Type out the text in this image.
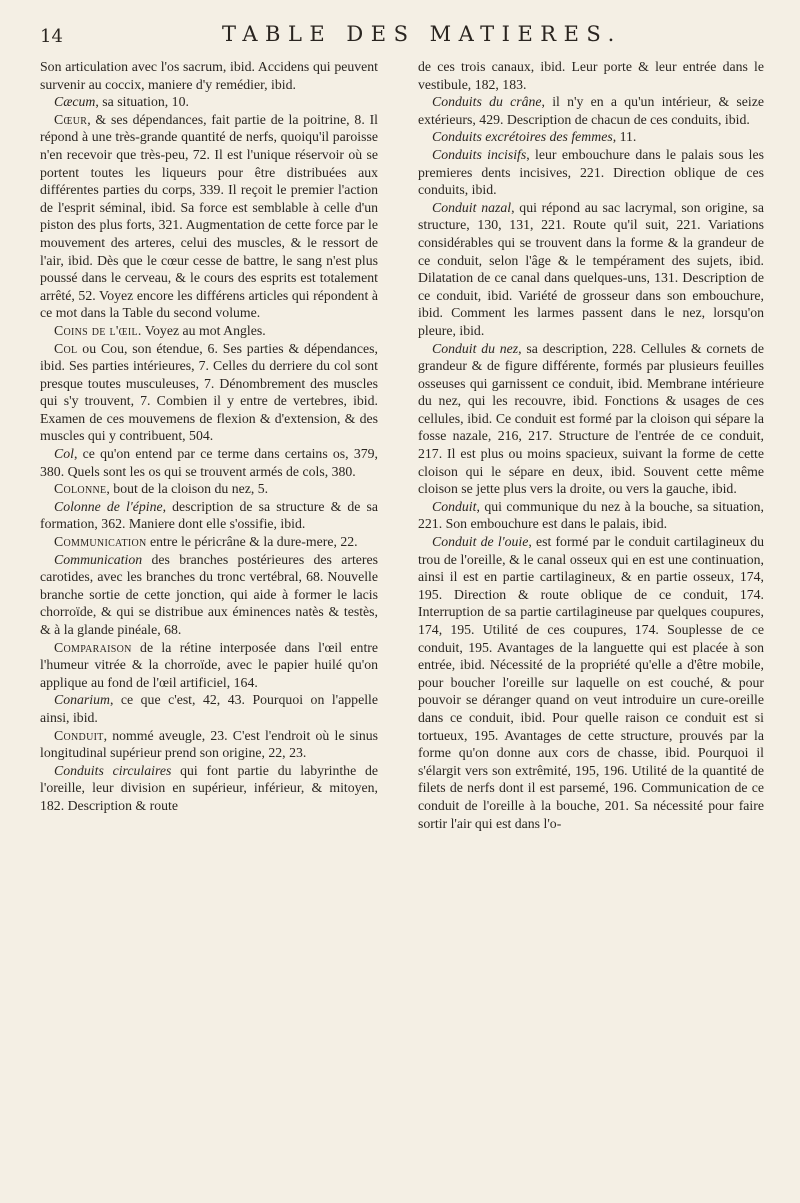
14	TABLE DES MATIERES.

Son articulation avec l'os sacrum, ibid. Accidens qui peuvent survenir au coccix, maniere d'y remédier, ibid.

Cæcum, sa situation, 10.

Cœur, & ses dépendances, fait partie de la poitrine, 8. Il répond à une très-grande quantité de nerfs, quoiqu'il paroisse n'en recevoir que très-peu, 72. Il est l'unique réservoir où se portent toutes les liqueurs pour être distribuées aux différentes parties du corps, 339. Il reçoit le premier l'action de l'esprit séminal, ibid. Sa force est semblable à celle d'un piston des plus forts, 321. Augmentation de cette force par le mouvement des arteres, celui des muscles, & le ressort de l'air, ibid. Dès que le cœur cesse de battre, le sang n'est plus poussé dans le cerveau, & le cours des esprits est totalement arrêté, 52. Voyez encore les différens articles qui répondent à ce mot dans la Table du second volume.

Coins de l'œil. Voyez au mot Angles.

Col ou Cou, son étendue, 6. Ses parties & dépendances, ibid. Ses parties intérieures, 7. Celles du derriere du col sont presque toutes musculeuses, 7. Dénombrement des muscles qui s'y trouvent, 7. Combien il y entre de vertebres, ibid. Examen de ces mouvemens de flexion & d'extension, & des muscles qui y contribuent, 504.

Col, ce qu'on entend par ce terme dans certains os, 379, 380. Quels sont les os qui se trouvent armés de cols, 380.

Colonne, bout de la cloison du nez, 5.

Colonne de l'épine, description de sa structure & de sa formation, 362. Maniere dont elle s'ossifie, ibid.

Communication entre le péricrâne & la dure-mere, 22.

Communication des branches postérieures des arteres carotides, avec les branches du tronc vertébral, 68. Nouvelle branche sortie de cette jonction, qui aide à former le lacis chorroïde, & qui se distribue aux éminences natès & testès, & à la glande pinéale, 68.

Comparaison de la rétine interposée dans l'œil entre l'humeur vitrée & la chorroïde, avec le papier huilé qu'on applique au fond de l'œil artificiel, 164.

Conarium, ce que c'est, 42, 43. Pourquoi on l'appelle ainsi, ibid.

Conduit, nommé aveugle, 23. C'est l'endroit où le sinus longitudinal supérieur prend son origine, 22, 23.

Conduits circulaires qui font partie du labyrinthe de l'oreille, leur division en supérieur, inférieur, & mitoyen, 182. Description & route

de ces trois canaux, ibid. Leur porte & leur entrée dans le vestibule, 182, 183.

Conduits du crâne, il n'y en a qu'un intérieur, & seize extérieurs, 429. Description de chacun de ces conduits, ibid.

Conduits excrétoires des femmes, 11.

Conduits incisifs, leur embouchure dans le palais sous les premieres dents incisives, 221. Direction oblique de ces conduits, ibid.

Conduit nazal, qui répond au sac lacrymal, son origine, sa structure, 130, 131, 221. Route qu'il suit, 221. Variations considérables qui se trouvent dans la forme & la grandeur de ce conduit, selon l'âge & le tempérament des sujets, ibid. Dilatation de ce canal dans quelques-uns, 131. Description de ce conduit, ibid. Variété de grosseur dans son embouchure, ibid. Comment les larmes passent dans le nez, lorsqu'on pleure, ibid.

Conduit du nez, sa description, 228. Cellules & cornets de grandeur & de figure différente, formés par plusieurs feuilles osseuses qui garnissent ce conduit, ibid. Membrane intérieure du nez, qui les recouvre, ibid. Fonctions & usages de ces cellules, ibid. Ce conduit est formé par la cloison qui sépare la fosse nazale, 216, 217. Structure de l'entrée de ce conduit, 217. Il est plus ou moins spacieux, suivant la forme de cette cloison qui le sépare en deux, ibid. Souvent cette même cloison se jette plus vers la droite, ou vers la gauche, ibid.

Conduit, qui communique du nez à la bouche, sa situation, 221. Son embouchure est dans le palais, ibid.

Conduit de l'ouie, est formé par le conduit cartilagineux du trou de l'oreille, & le canal osseux qui en est une continuation, ainsi il est en partie cartilagineux, & en partie osseux, 174, 195. Direction & route oblique de ce conduit, 174. Interruption de sa partie cartilagineuse par quelques coupures, 174, 195. Utilité de ces coupures, 174. Souplesse de ce conduit, 195. Avantages de la languette qui est placée à son entrée, ibid. Nécessité de la propriété qu'elle a d'être mobile, pour boucher l'oreille sur laquelle on est couché, & pour pouvoir se déranger quand on veut introduire un cure-oreille dans ce conduit, ibid. Pour quelle raison ce conduit est si tortueux, 195. Avantages de cette structure, prouvés par la forme qu'on donne aux cors de chasse, ibid. Pourquoi il s'élargit vers son extrêmité, 195, 196. Utilité de la quantité de filets de nerfs dont il est parsemé, 196. Communication de ce conduit de l'oreille à la bouche, 201. Sa nécessité pour faire sortir l'air qui est dans l'o-
